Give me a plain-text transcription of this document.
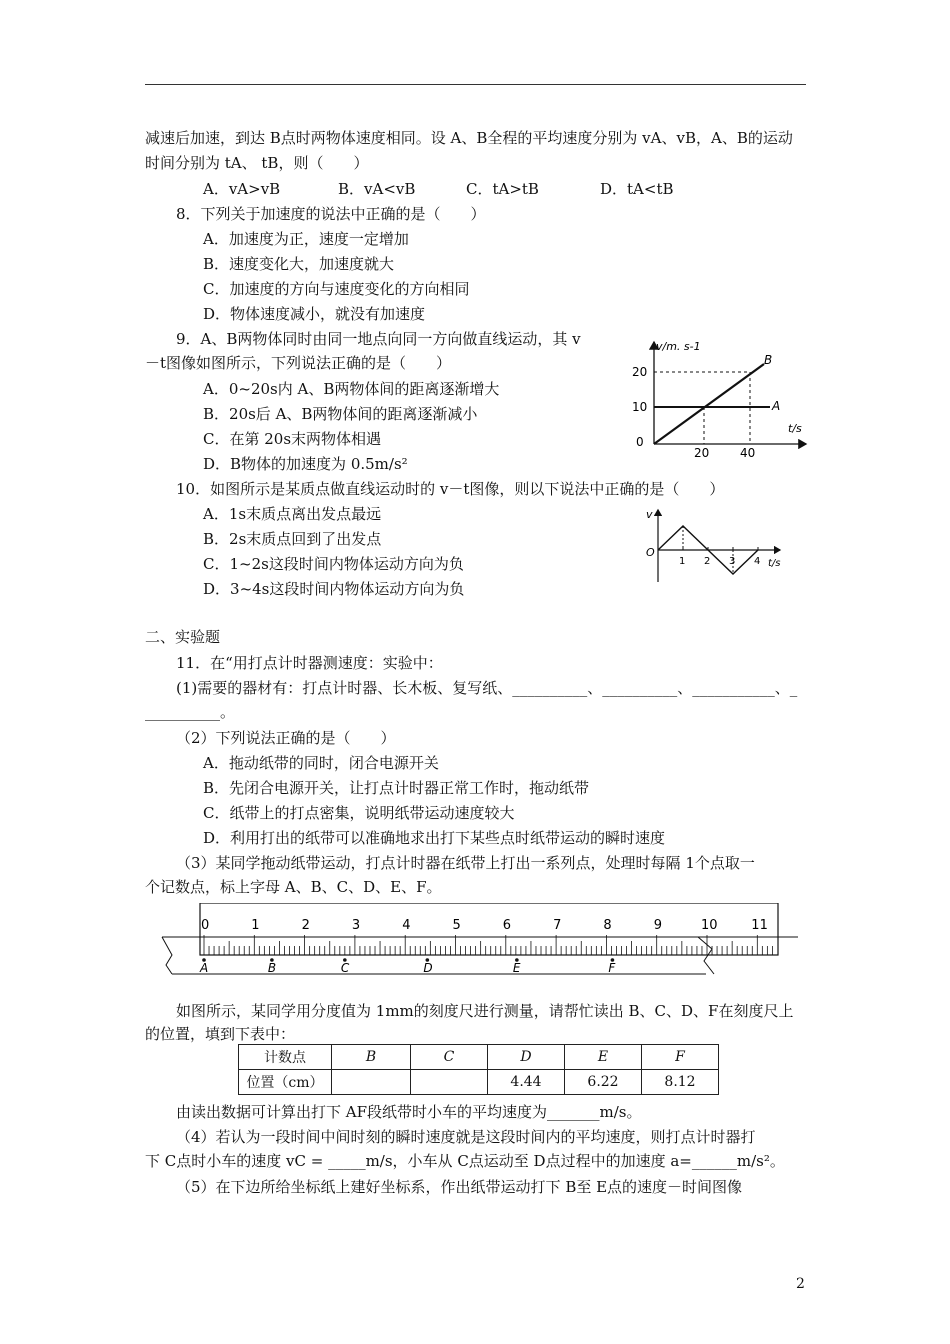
减速后加速，到达 B点时两物体速度相同。设 A、B全程的平均速度分别为 vA、vB，A、B的运动
时间分别为 tA、 tB，则（　　）
A．vA>vB	B．vA<vB	C．tA>tB	D．tA<tB
8．下列关于加速度的说法中正确的是（　　）
A．加速度为正，速度一定增加
B．速度变化大，加速度就大
C．加速度的方向与速度变化的方向相同
D．物体速度减小，就没有加速度
9．A、B两物体同时由同一地点向同一方向做直线运动，其 v
－t图像如图所示，下列说法正确的是（　　）
A．0~20s内 A、B两物体间的距离逐渐增大
B．20s后 A、B两物体间的距离逐渐减小
C．在第 20s末两物体相遇
D．B物体的加速度为 0.5m/s²
v/m. s-1
t/s
20
10
0
B
A
20	40
10．如图所示是某质点做直线运动时的 v－t图像，则以下说法中正确的是（　　）
A．1s末质点离出发点最远
B．2s末质点回到了出发点
C．1~2s这段时间内物体运动方向为负
D．3~4s这段时间内物体运动方向为负
v
O
t/s
1 2 3 4
二、实验题
11．在“用打点计时器测速度：实验中：
(1)需要的器材有：打点计时器、长木板、复写纸、__________、__________、___________、_
__________。
（2）下列说法正确的是（　　）
A．拖动纸带的同时，闭合电源开关
B．先闭合电源开关，让打点计时器正常工作时，拖动纸带
C．纸带上的打点密集，说明纸带运动速度较大
D．利用打出的纸带可以准确地求出打下某些点时纸带运动的瞬时速度
（3）某同学拖动纸带运动，打点计时器在纸带上打出一系列点，处理时每隔 1个点取一
个记数点，标上字母 A、B、C、D、E、F。
0	1	2	3	4	5	6	7	8	9	10	11
A	B	C	D	E	F
如图所示，某同学用分度值为 1mm的刻度尺进行测量，请帮忙读出 B、C、D、F在刻度尺上
的位置，填到下表中：
计数点	B	C	D	E	F
位置（cm）			4.44	6.22	8.12
由读出数据可计算出打下 AF段纸带时小车的平均速度为_______m/s。
（4）若认为一段时间中间时刻的瞬时速度就是这段时间内的平均速度，则打点计时器打
下 C点时小车的速度 vC = _____m/s，小车从 C点运动至 D点过程中的加速度 a=______m/s²。
（5）在下边所给坐标纸上建好坐标系，作出纸带运动打下 B至 E点的速度－时间图像
2
